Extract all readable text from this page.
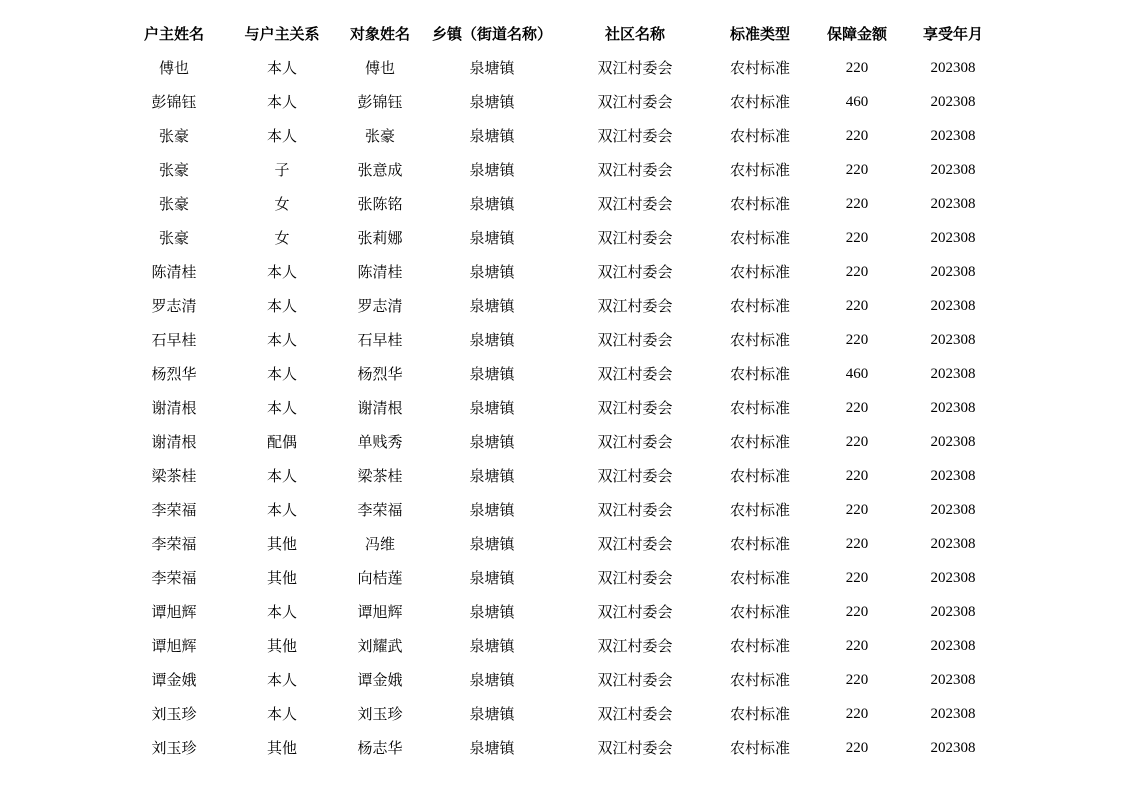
户主姓名	与户主关系	对象姓名	乡镇（街道名称）	社区名称	标准类型	保障金额	享受年月
傅也	本人	傅也	泉塘镇	双江村委会	农村标准	220	202308
彭锦钰	本人	彭锦钰	泉塘镇	双江村委会	农村标准	460	202308
张豪	本人	张豪	泉塘镇	双江村委会	农村标准	220	202308
张豪	子	张意成	泉塘镇	双江村委会	农村标准	220	202308
张豪	女	张陈铭	泉塘镇	双江村委会	农村标准	220	202308
张豪	女	张莉娜	泉塘镇	双江村委会	农村标准	220	202308
陈清桂	本人	陈清桂	泉塘镇	双江村委会	农村标准	220	202308
罗志清	本人	罗志清	泉塘镇	双江村委会	农村标准	220	202308
石早桂	本人	石早桂	泉塘镇	双江村委会	农村标准	220	202308
杨烈华	本人	杨烈华	泉塘镇	双江村委会	农村标准	460	202308
谢清根	本人	谢清根	泉塘镇	双江村委会	农村标准	220	202308
谢清根	配偶	单贱秀	泉塘镇	双江村委会	农村标准	220	202308
梁茶桂	本人	梁茶桂	泉塘镇	双江村委会	农村标准	220	202308
李荣福	本人	李荣福	泉塘镇	双江村委会	农村标准	220	202308
李荣福	其他	冯维	泉塘镇	双江村委会	农村标准	220	202308
李荣福	其他	向桔莲	泉塘镇	双江村委会	农村标准	220	202308
谭旭辉	本人	谭旭辉	泉塘镇	双江村委会	农村标准	220	202308
谭旭辉	其他	刘耀武	泉塘镇	双江村委会	农村标准	220	202308
谭金娥	本人	谭金娥	泉塘镇	双江村委会	农村标准	220	202308
刘玉珍	本人	刘玉珍	泉塘镇	双江村委会	农村标准	220	202308
刘玉珍	其他	杨志华	泉塘镇	双江村委会	农村标准	220	202308
